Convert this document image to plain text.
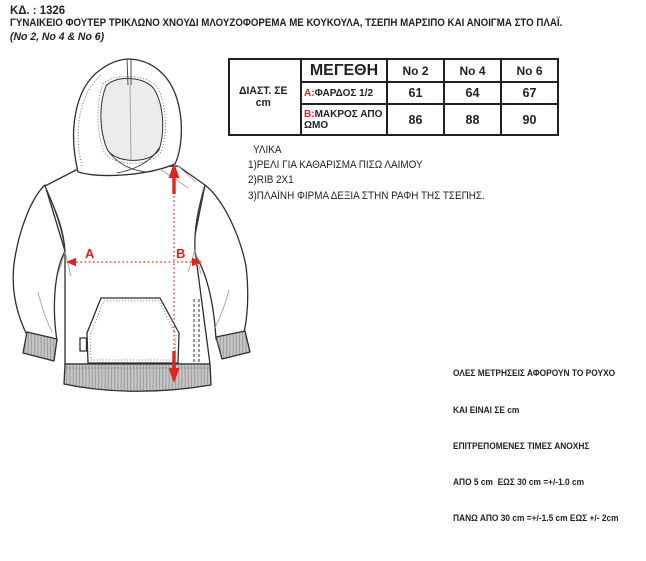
ΚΔ. : 1326
ΓΥΝΑΙΚΕΙΟ ΦΟΥΤΕΡ ΤΡΙΚΛΩΝΟ ΧΝΟΥΔΙ ΜΛΟΥΖΟΦΟΡΕΜΑ ΜΕ ΚΟΥΚΟΥΛΑ, ΤΣΕΠΗ ΜΑΡΣΙΠΟ ΚΑΙ ΑΝΟΙΓΜΑ ΣΤΟ ΠΛΑΪ.
(No 2, No 4 & No 6)
ΔΙΑΣΤ. ΣΕ cm	ΜΕΓΕΘΗ	No 2	No 4	No 6
	Α:ΦΑΡΔΟΣ 1/2	61	64	67
	Β:ΜΑΚΡΟΣ ΑΠΟ ΩΜΟ	86	88	90
ΥΛΙΚΑ
1)ΡΕΛΙ ΓΙΑ ΚΑΘΑΡΙΣΜΑ ΠΙΣΩ ΛΑΙΜΟΥ
2)RIB 2X1
3)ΠΛΑΪΝΗ ΦΙΡΜΑ ΔΕΞΙΑ ΣΤΗΝ ΡΑΦΗ ΤΗΣ ΤΣΕΠΗΣ.

ΟΛΕΣ ΜΕΤΡΗΣΕΙΣ ΑΦΟΡΟΥΝ ΤΟ ΡΟΥΧΟ

ΚΑΙ ΕΙΝΑΙ ΣΕ cm

ΕΠΙΤΡΕΠΟΜΕΝΕΣ ΤΙΜΕΣ ΑΝΟΧΗΣ

ΑΠΟ 5 cm  ΕΩΣ 30 cm =+/-1.0 cm

ΠΑΝΩ ΑΠΟ 30 cm =+/-1.5 cm ΕΩΣ +/- 2cm

A	B
